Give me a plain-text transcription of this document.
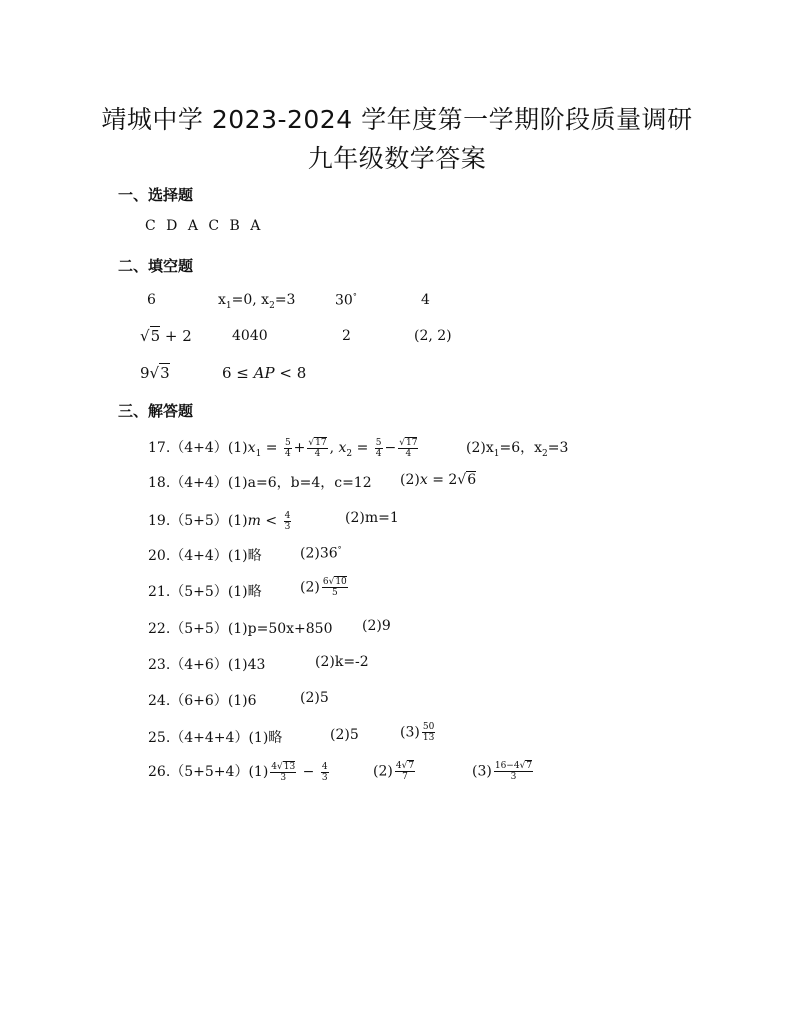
靖城中学 2023-2024 学年度第一学期阶段质量调研
九年级数学答案
一、选择题
C D A C B A
二、填空题
6	$x_1=0$, $x_2=3$	30°	4
√5 + 2	4040	2	(2, 2)
9√3	6 ≤ AP < 8
三、解答题
$17.(4+4)(1)x_1 = \frac{5}{4} + \frac{√17}{4}$ , $x_2 = \frac{5}{4} - \frac{√17}{4}$	$(2)x_1=6$，$x_2=3$
18.（4+4）(1)a=6，b=4，c=12 (2)x = 2√6
$19.(5+5)(1)m < \frac{4}{3}$	(2)m=1
20.（4+4）(1)略	(2)36°
21.（5+5）(1)略	$(2) \frac{6√10}{5}$
22.（5+5）(1)p=50x+850 (2)9
23.（4+6）(1)43	(2)k=-2
24.（6+6）(1)6	(2)5
25.（4+4+4）(1)略	(2)5	$(3) \frac{50}{13}$
$26.(5+5+4)(1) \frac{4√13}{3} - \frac{4}{3}$	$(2) \frac{4√7}{7}$	$(3) \frac{16-4√7}{3}$
